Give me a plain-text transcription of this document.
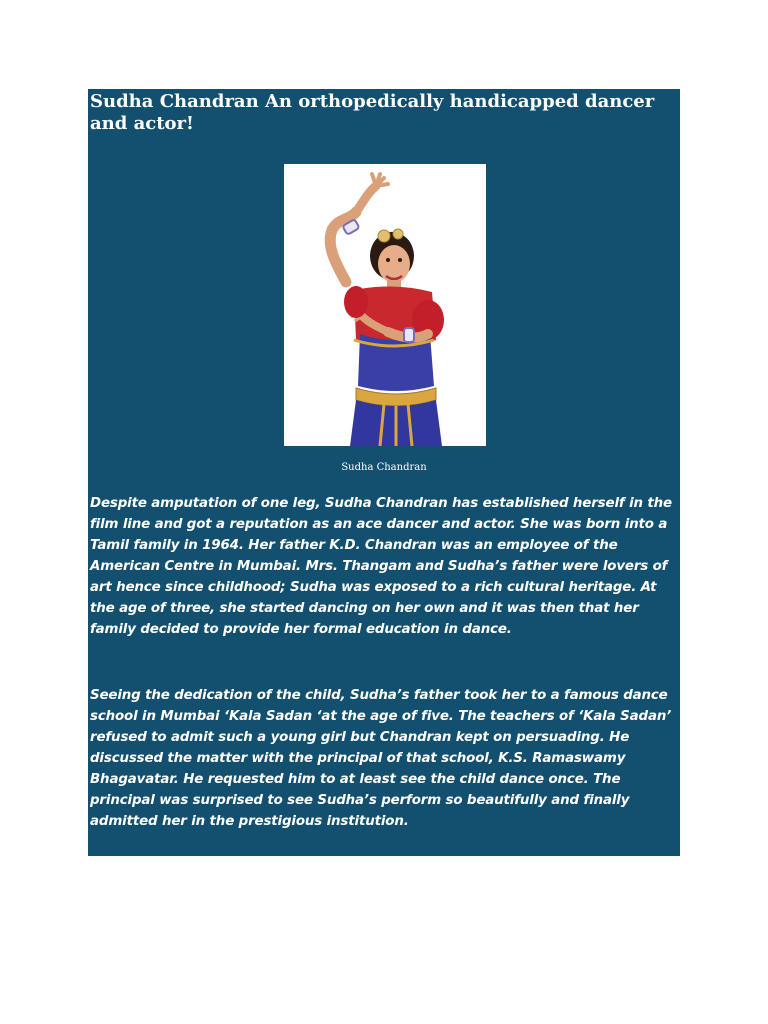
Sudha Chandran An orthopedically handicapped dancer and actor!
Sudha Chandran

Despite amputation of one leg, Sudha Chandran has established herself in the film line and got a reputation as an ace dancer and actor. She was born into a Tamil family in 1964. Her father K.D. Chandran was an employee of the American Centre in Mumbai. Mrs. Thangam and Sudha’s father were lovers of art hence since childhood; Sudha was exposed to a rich cultural heritage. At the age of three, she started dancing on her own and it was then that her family decided to provide her formal education in dance.

Seeing the dedication of the child, Sudha’s father took her to a famous dance school in Mumbai ‘Kala Sadan ‘at the age of five. The teachers of ‘Kala Sadan’ refused to admit such a young girl but Chandran kept on persuading. He discussed the matter with the principal of that school, K.S. Ramaswamy Bhagavatar. He requested him to at least see the child dance once. The principal was surprised to see Sudha’s perform so beautifully and finally admitted her in the prestigious institution.
